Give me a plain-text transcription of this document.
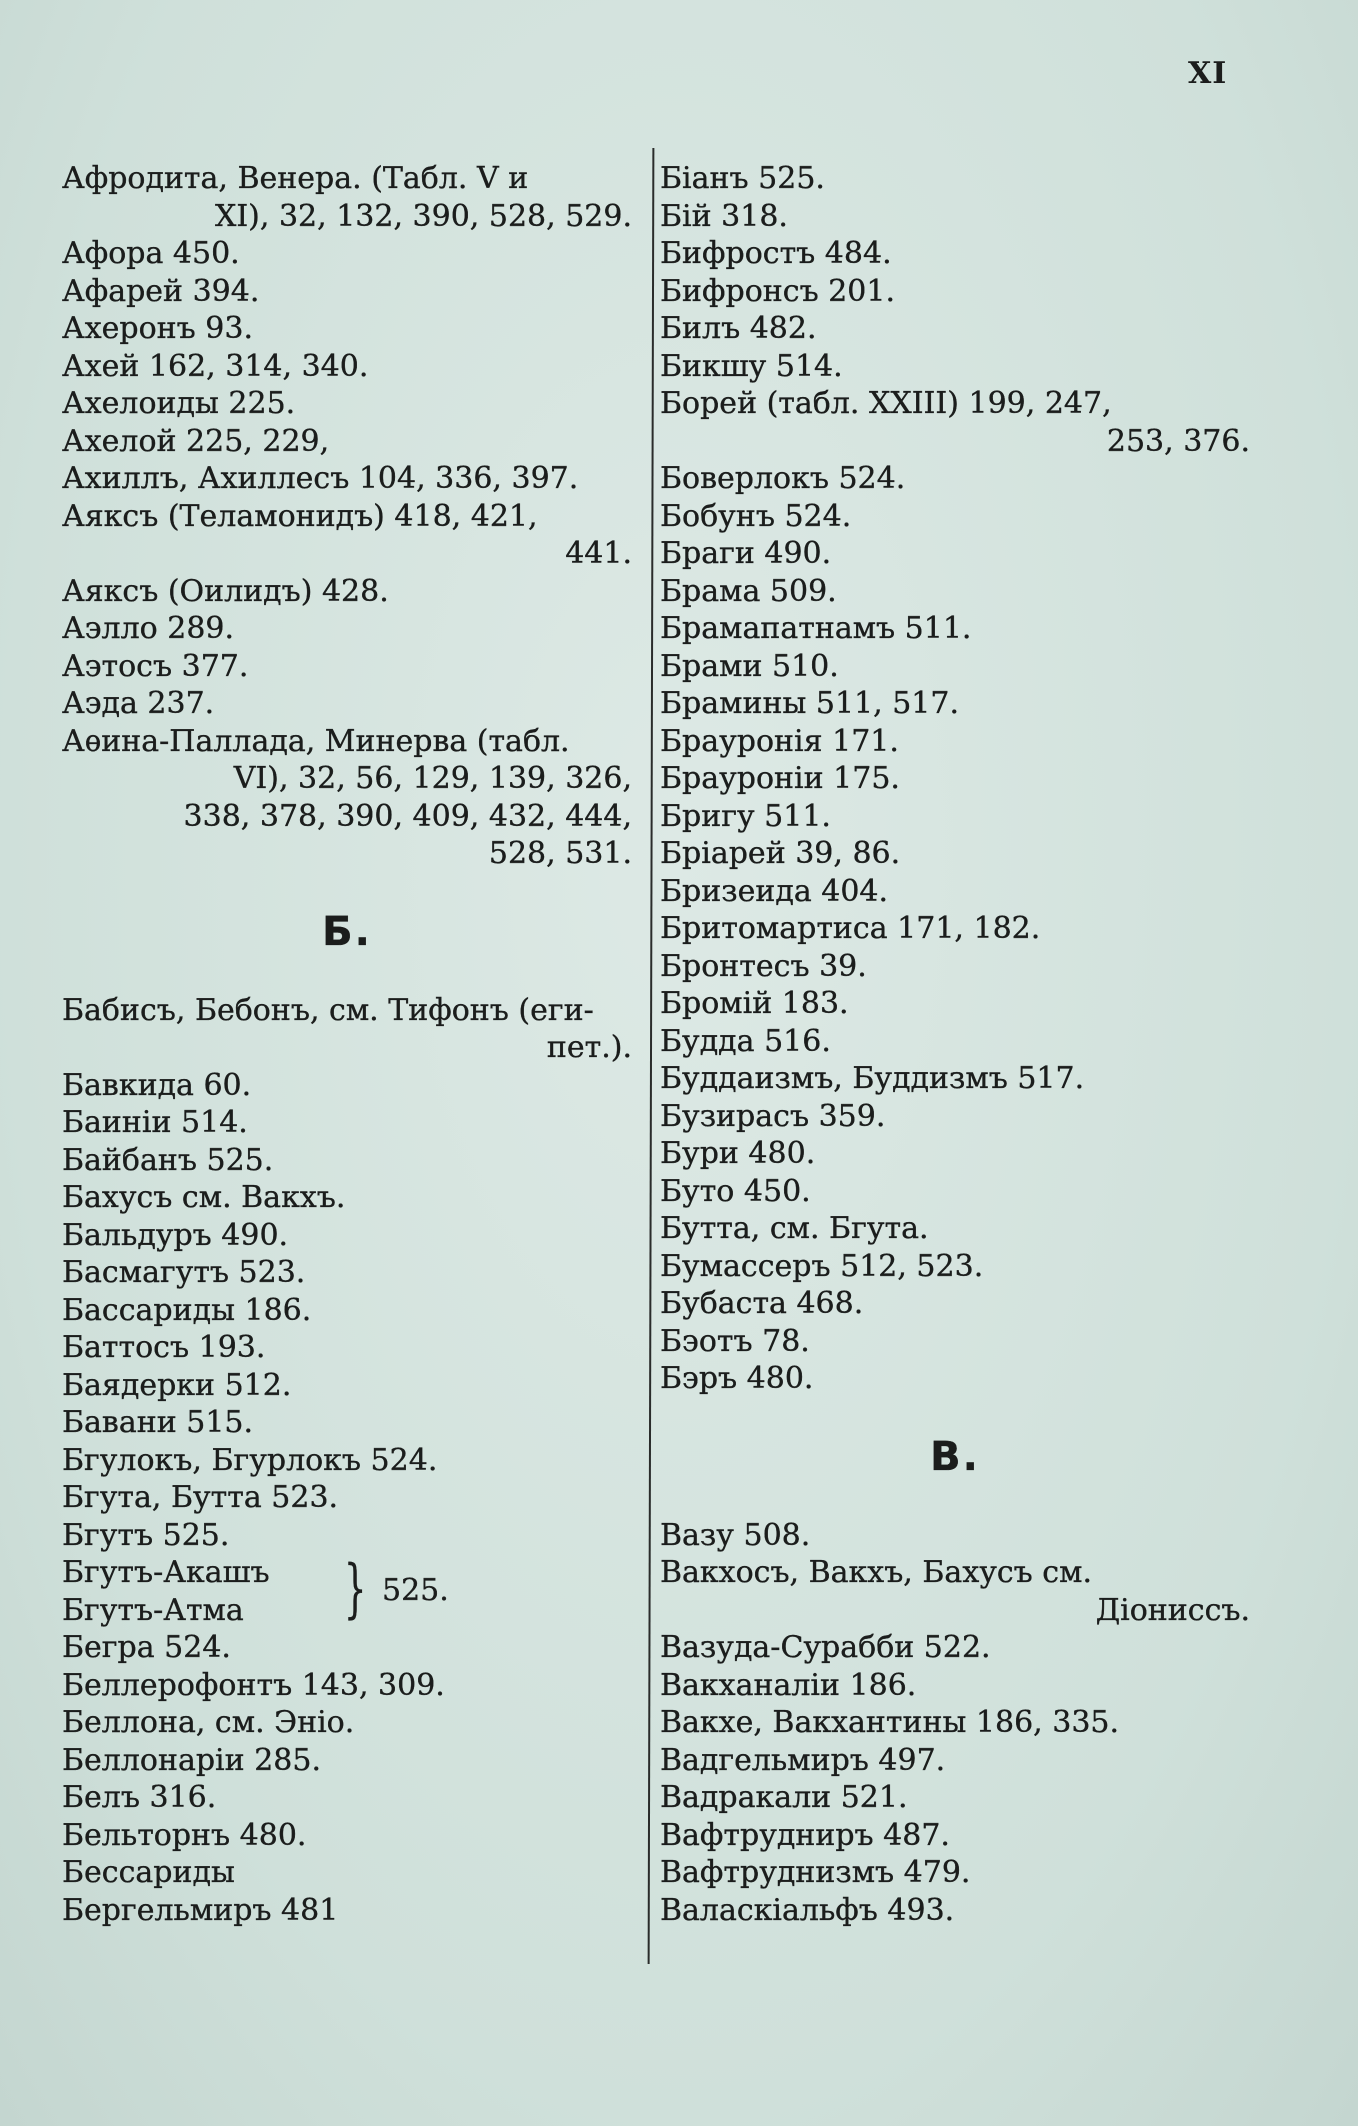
XI
Афродита, Венера. (Табл. V и
XI), 32, 132, 390, 528, 529.
Афора 450.
Афарей 394.
Ахеронъ 93.
Ахей 162, 314, 340.
Ахелоиды 225.
Ахелой 225, 229,
Ахиллъ, Ахиллесъ 104, 336, 397.
Аяксъ (Теламонидъ) 418, 421,
441.
Аяксъ (Оилидъ) 428.
Аэлло 289.
Аэтосъ 377.
Аэда 237.
Аѳина-Паллада, Минерва (табл.
VI), 32, 56, 129, 139, 326,
338, 378, 390, 409, 432, 444,
528, 531.
Б.
Бабисъ, Бебонъ, см. Тифонъ (еги-
пет.).
Бавкида 60.
Баинiи 514.
Байбанъ 525.
Бахусъ см. Вакхъ.
Бальдуръ 490.
Басмагутъ 523.
Бассариды 186.
Баттосъ 193.
Баядерки 512.
Бавани 515.
Бгулокъ, Бгурлокъ 524.
Бгута, Бутта 523.
Бгутъ 525.
Бгутъ-Акашъ
Бгутъ-Атма	} 525.
Бегра 524.
Беллерофонтъ 143, 309.
Беллона, см. Энiо.
Беллонарiи 285.
Белъ 316.
Бельторнъ 480.
Бессариды
Бергельмиръ 481
Бiанъ 525.
Бiй 318.
Бифростъ 484.
Бифронсъ 201.
Билъ 482.
Бикшу 514.
Борей (табл. XXIII) 199, 247,
253, 376.
Боверлокъ 524.
Бобунъ 524.
Браги 490.
Брама 509.
Брамапатнамъ 511.
Брами 510.
Брамины 511, 517.
Брауронiя 171.
Брауронiи 175.
Бригу 511.
Брiарей 39, 86.
Бризеида 404.
Бритомартиса 171, 182.
Бронтесъ 39.
Бромiй 183.
Будда 516.
Буддаизмъ, Буддизмъ 517.
Бузирасъ 359.
Бури 480.
Буто 450.
Бутта, см. Бгута.
Бумассеръ 512, 523.
Бубаста 468.
Бэотъ 78.
Бэръ 480.
В.
Вазу 508.
Вакхосъ, Вакхъ, Бахусъ см.
Дiониссъ.
Вазуда-Сурабби 522.
Вакханалiи 186.
Вакхе, Вакхантины 186, 335.
Вадгельмиръ 497.
Вадракали 521.
Вафтрудниръ 487.
Вафтруднизмъ 479.
Валаскiальфъ 493.
